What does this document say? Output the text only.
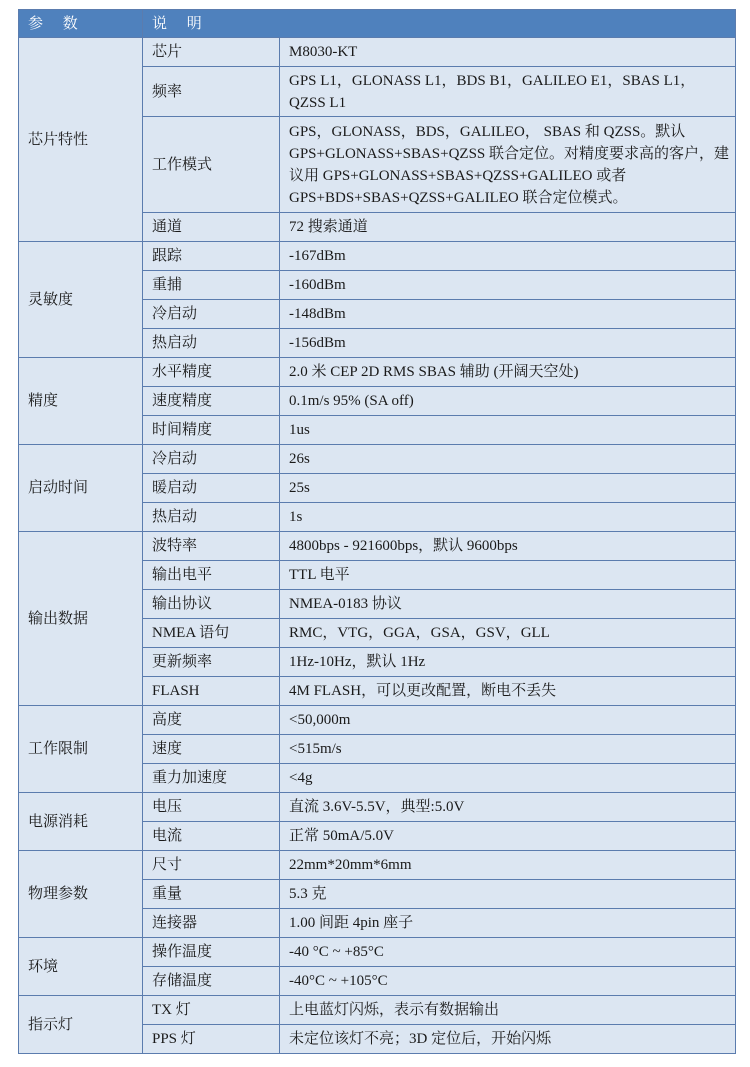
参 数	说 明	
芯片特性	芯片	M8030-KT
	频率	GPS L1，GLONASS L1，BDS B1，GALILEO E1，SBAS L1，QZSS L1
	工作模式	GPS，GLONASS，BDS，GALILEO， SBAS 和 QZSS。默认 GPS+GLONASS+SBAS+QZSS 联合定位。对精度要求高的客户，建议用 GPS+GLONASS+SBAS+QZSS+GALILEO 或者 GPS+BDS+SBAS+QZSS+GALILEO 联合定位模式。
	通道	72 搜索通道
灵敏度	跟踪	-167dBm
	重捕	-160dBm
	冷启动	-148dBm
	热启动	-156dBm
精度	水平精度	2.0 米 CEP 2D RMS SBAS 辅助 (开阔天空处)
	速度精度	0.1m/s 95% (SA off)
	时间精度	1us
启动时间	冷启动	26s
	暖启动	25s
	热启动	1s
输出数据	波特率	4800bps - 921600bps，默认 9600bps
	输出电平	TTL 电平
	输出协议	NMEA-0183 协议
	NMEA 语句	RMC，VTG，GGA，GSA，GSV，GLL
	更新频率	1Hz-10Hz，默认 1Hz
	FLASH	4M FLASH，可以更改配置，断电不丢失
工作限制	高度	<50,000m
	速度	<515m/s
	重力加速度	<4g
电源消耗	电压	直流 3.6V-5.5V，典型:5.0V
	电流	正常 50mA/5.0V
物理参数	尺寸	22mm*20mm*6mm
	重量	5.3 克
	连接器	1.00 间距 4pin 座子
环境	操作温度	-40 °C ~ +85°C
	存储温度	-40°C ~ +105°C
指示灯	TX 灯	上电蓝灯闪烁，表示有数据输出
	PPS 灯	未定位该灯不亮；3D 定位后，开始闪烁
